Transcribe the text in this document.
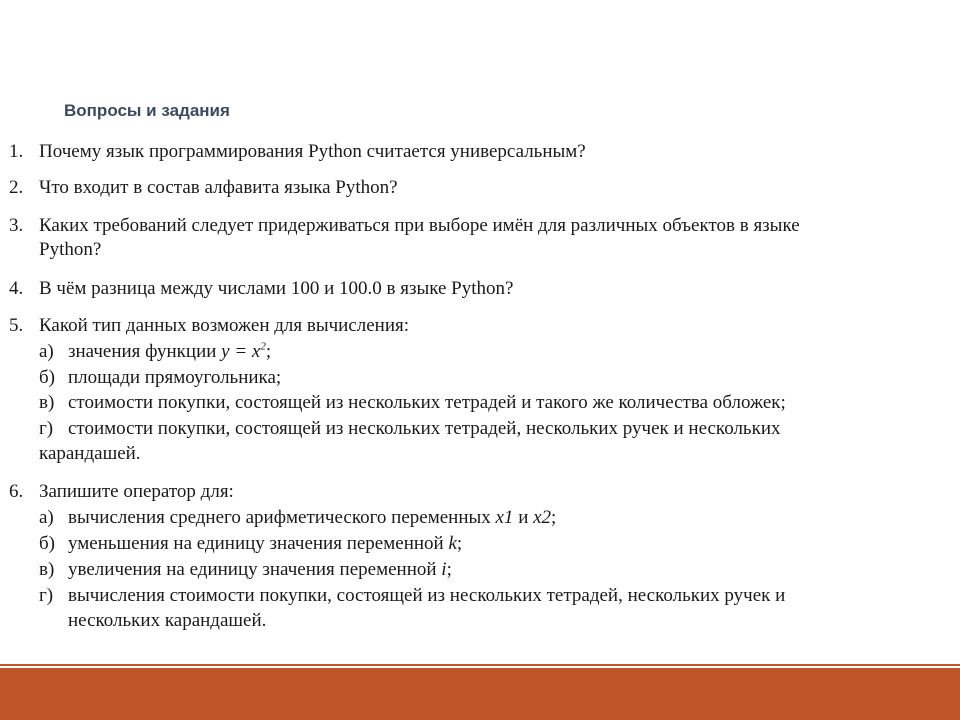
Вопросы и задания
1. Почему язык программирования Python считается универсальным?
2. Что входит в состав алфавита языка Python?
3. Каких требований следует придерживаться при выборе имён для различных объектов в языке
Python?
4. В чём разница между числами 100 и 100.0 в языке Python?
5. Какой тип данных возможен для вычисления:
а) значения функции $y = x^2$;
б) площади прямоугольника;
в) стоимости покупки, состоящей из нескольких тетрадей и такого же количества обложек;
г) стоимости покупки, состоящей из нескольких тетрадей, нескольких ручек и нескольких
карандашей.
6. Запишите оператор для:
а) вычисления среднего арифметического переменных x1 и x2;
б) уменьшения на единицу значения переменной k;
в) увеличения на единицу значения переменной i;
г) вычисления стоимости покупки, состоящей из нескольких тетрадей, нескольких ручек и
нескольких карандашей.
